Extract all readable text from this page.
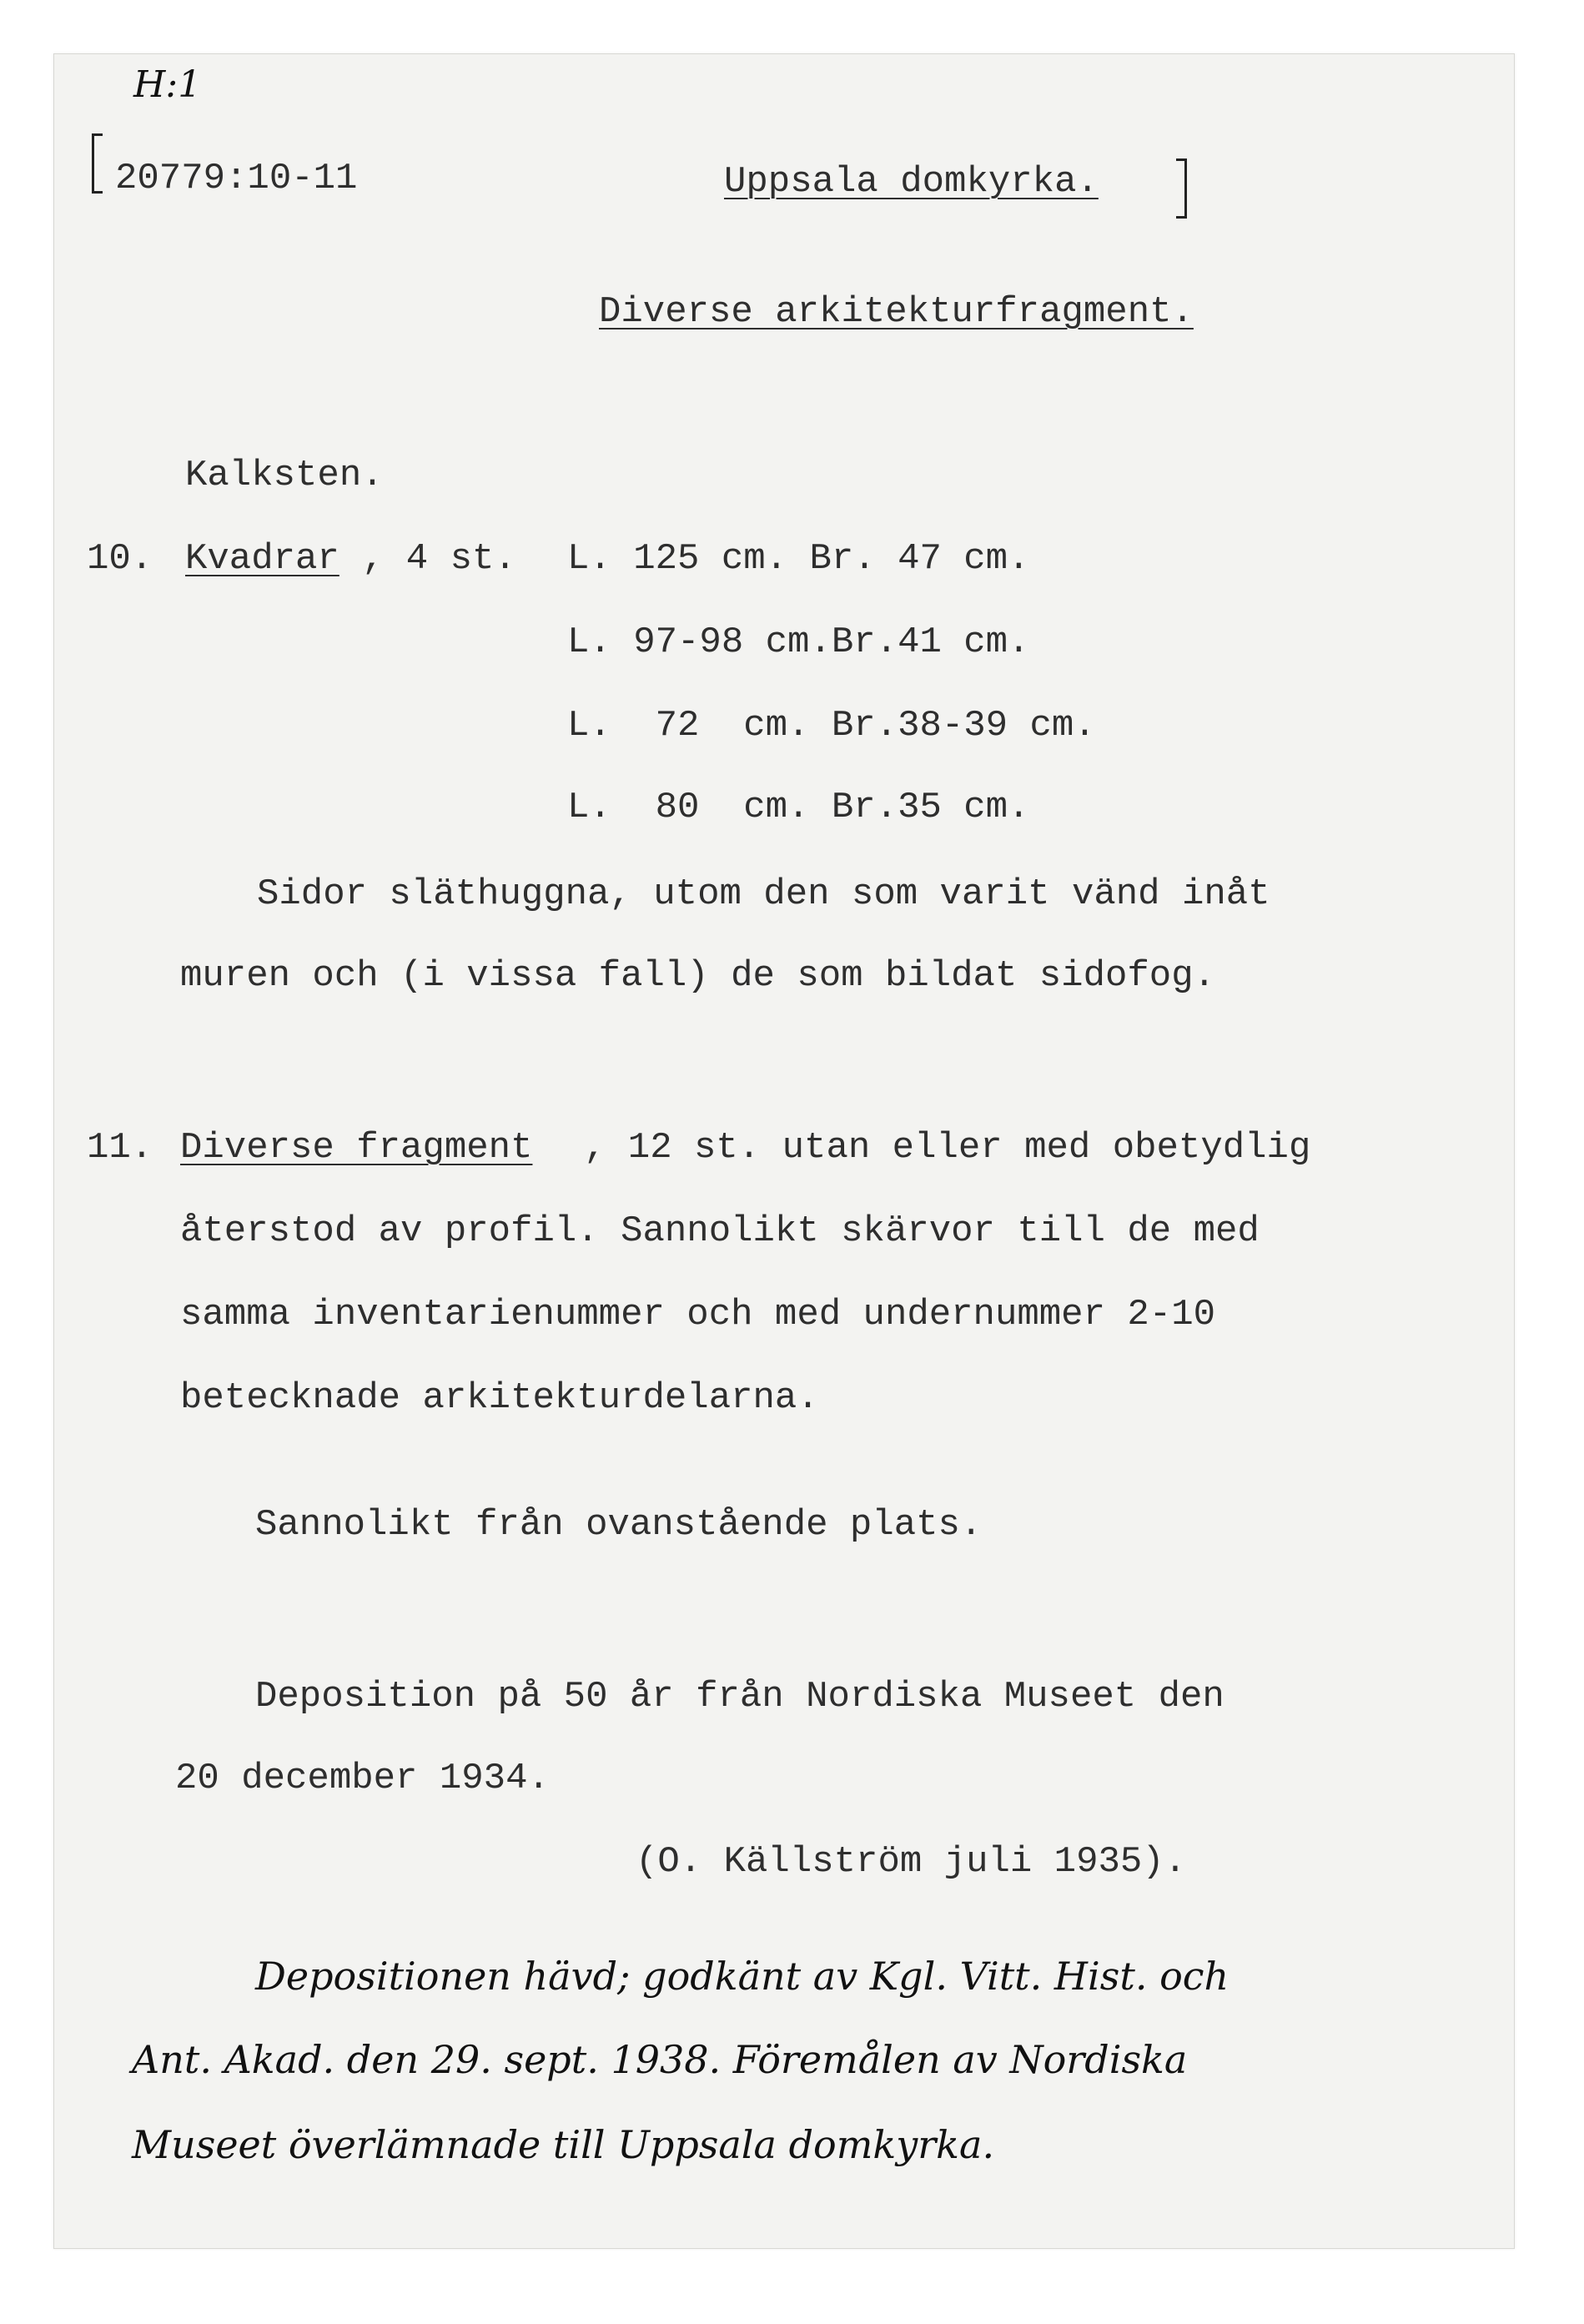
H:1
20779:10-11	Uppsala domkyrka.
Diverse arkitekturfragment.
Kalksten.
10. Kvadrar , 4 st. L. 125 cm. Br. 47 cm.
L. 97-98 cm.Br.41 cm.
L.  72  cm. Br.38-39 cm.
L.  80  cm. Br.35 cm.
Sidor släthuggna, utom den som varit vänd inåt
muren och (i vissa fall) de som bildat sidofog.
11. Diverse fragment , 12 st. utan eller med obetydlig
återstod av profil. Sannolikt skärvor till de med
samma inventarienummer och med undernummer 2-10
betecknade arkitekturdelarna.
Sannolikt från ovanstående plats.
Deposition på 50 år från Nordiska Museet den
20 december 1934.
(O. Källström juli 1935).
Depositionen hävd; godkänt av Kgl. Vitt. Hist. och
Ant. Akad. den 29. sept. 1938. Föremålen av Nordiska
Museet överlämnade till Uppsala domkyrka.
